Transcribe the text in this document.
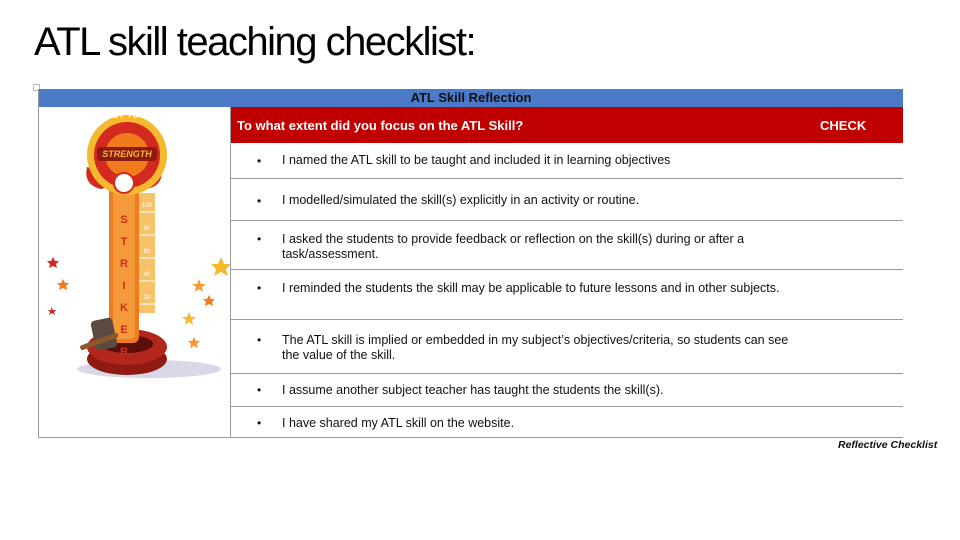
ATL skill teaching checklist:
ATL Skill Reflection
TEST YOUR
STRENGTH
S
T
R
I
K
E
R
100
80
60
40
20
To what extent did you focus on the ATL Skill?	CHECK
• I named the ATL skill to be taught and included it in learning objectives
• I modelled/simulated the skill(s) explicitly in an activity or routine.
• I asked the students to provide feedback or reflection on the skill(s) during or after a task/assessment.
• I reminded the students the skill may be applicable to future lessons and in other subjects.
• The ATL skill is implied or embedded in my subject’s objectives/criteria, so students can see the value of the skill.
• I assume another subject teacher has taught the students the skill(s).
• I have shared my ATL skill on the website.
Reflective Checklist
